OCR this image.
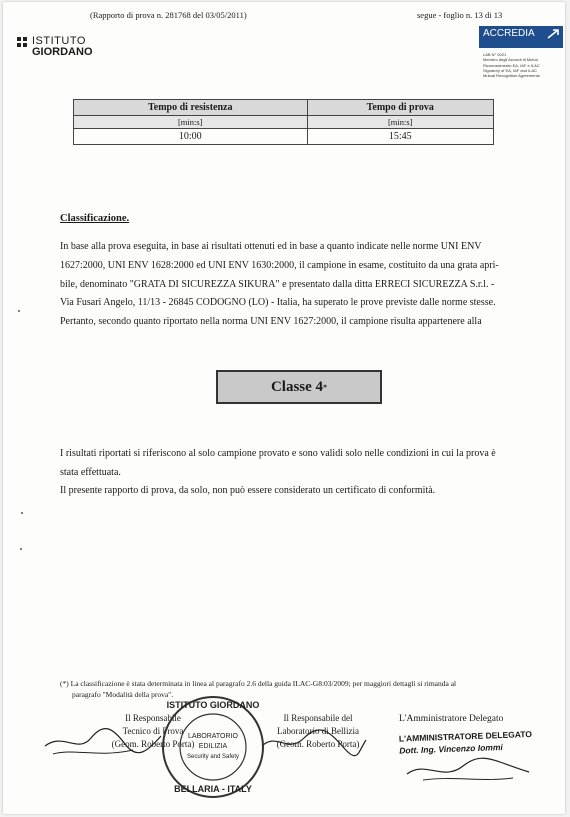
(Rapporto di prova n. 281768 del 03/05/2011)	segue - foglio n. 13 di 13
ISTITUTO
GIORDANO
ACCREDIA
LAB N° 0021
Membro degli Accordi di Mutuo
Riconoscimento EA, IAF e ILAC
Signatory of EA, IAF and ILAC
Mutual Recognition Agreements
Tempo di resistenza	Tempo di prova
[min:s]	[min:s]
10:00	15:45
Classificazione.
In base alla prova eseguita, in base ai risultati ottenuti ed in base a quanto indicate nelle norme UNI ENV
1627:2000, UNI ENV 1628:2000 ed UNI ENV 1630:2000, il campione in esame, costituito da una grata apri-
bile, denominato "GRATA DI SICUREZZA SIKURA" e presentato dalla ditta ERRECI SICUREZZA S.r.l. -
Via Fusari Angelo, 11/13 - 26845 CODOGNO (LO) - Italia, ha superato le prove previste dalle norme stesse.
Pertanto, secondo quanto riportato nella norma UNI ENV 1627:2000, il campione risulta appartenere alla
Classe 4 *
I risultati riportati si riferiscono al solo campione provato e sono validi solo nelle condizioni in cui la prova è
stata effettuata.
Il presente rapporto di prova, da solo, non può essere considerato un certificato di conformità.
(*) La classificazione è stata determinata in linea al paragrafo 2.6 della guida ILAC-G8:03/2009; per maggiori dettagli si rimanda al
paragrafo "Modalità della prova".
Il Responsabile
Tecnico di Prova
(Geom. Roberto Porta)
Il Responsabile del
Laboratorio di Bellizia
(Geom. Roberto Porta)
L'Amministratore Delegato
L'AMMINISTRATORE DELEGATO
Dott. Ing. Vincenzo Iommi
ISTITUTO GIORDANO
LABORATORIO
EDILIZIA
Security and Safety
BELLARIA - ITALY
